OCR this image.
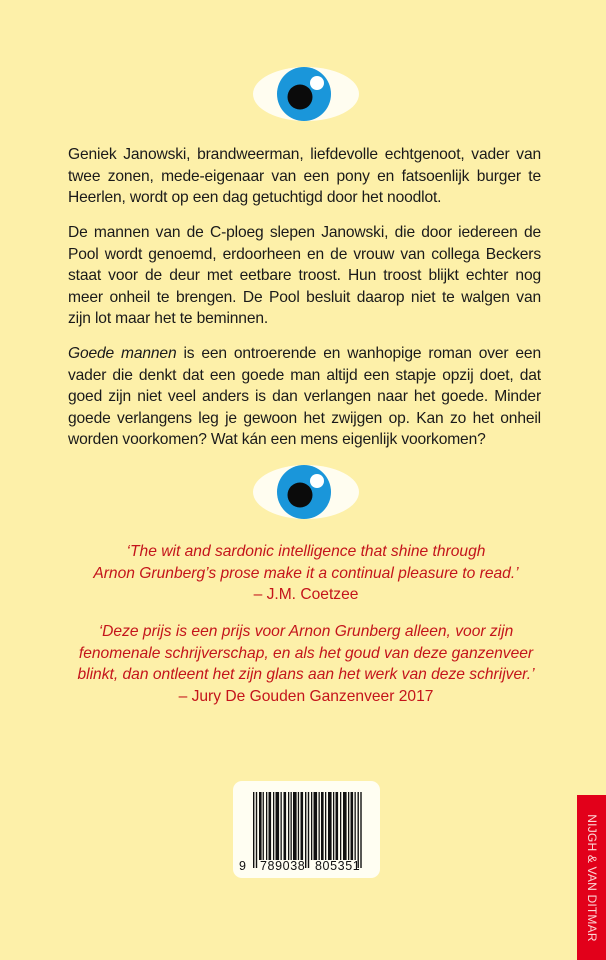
Geniek Janowski, brandweerman, liefdevolle echtgenoot, vader van twee zonen, mede-eigenaar van een pony en fatsoenlijk burger te Heerlen, wordt op een dag getuchtigd door het noodlot.

De mannen van de C-ploeg slepen Janowski, die door iedereen de Pool wordt genoemd, erdoorheen en de vrouw van collega Beckers staat voor de deur met eetbare troost. Hun troost blijkt echter nog meer onheil te brengen. De Pool besluit daarop niet te walgen van zijn lot maar het te beminnen.

Goede mannen is een ontroerende en wanhopige roman over een vader die denkt dat een goede man altijd een stapje opzij doet, dat goed zijn niet veel anders is dan verlangen naar het goede. Minder goede verlangens leg je gewoon het zwijgen op. Kan zo het onheil worden voorkomen? Wat kán een mens eigenlijk voorkomen?

‘The wit and sardonic intelligence that shine through
Arnon Grunberg’s prose make it a continual pleasure to read.’
– J.M. Coetzee
‘Deze prijs is een prijs voor Arnon Grunberg alleen, voor zijn
fenomenale schrijverschap, en als het goud van deze ganzenveer
blinkt, dan ontleent het zijn glans aan het werk van deze schrijver.’
– Jury De Gouden Ganzenveer 2017
9 789038 805351	NIJGH & VAN DITMAR
